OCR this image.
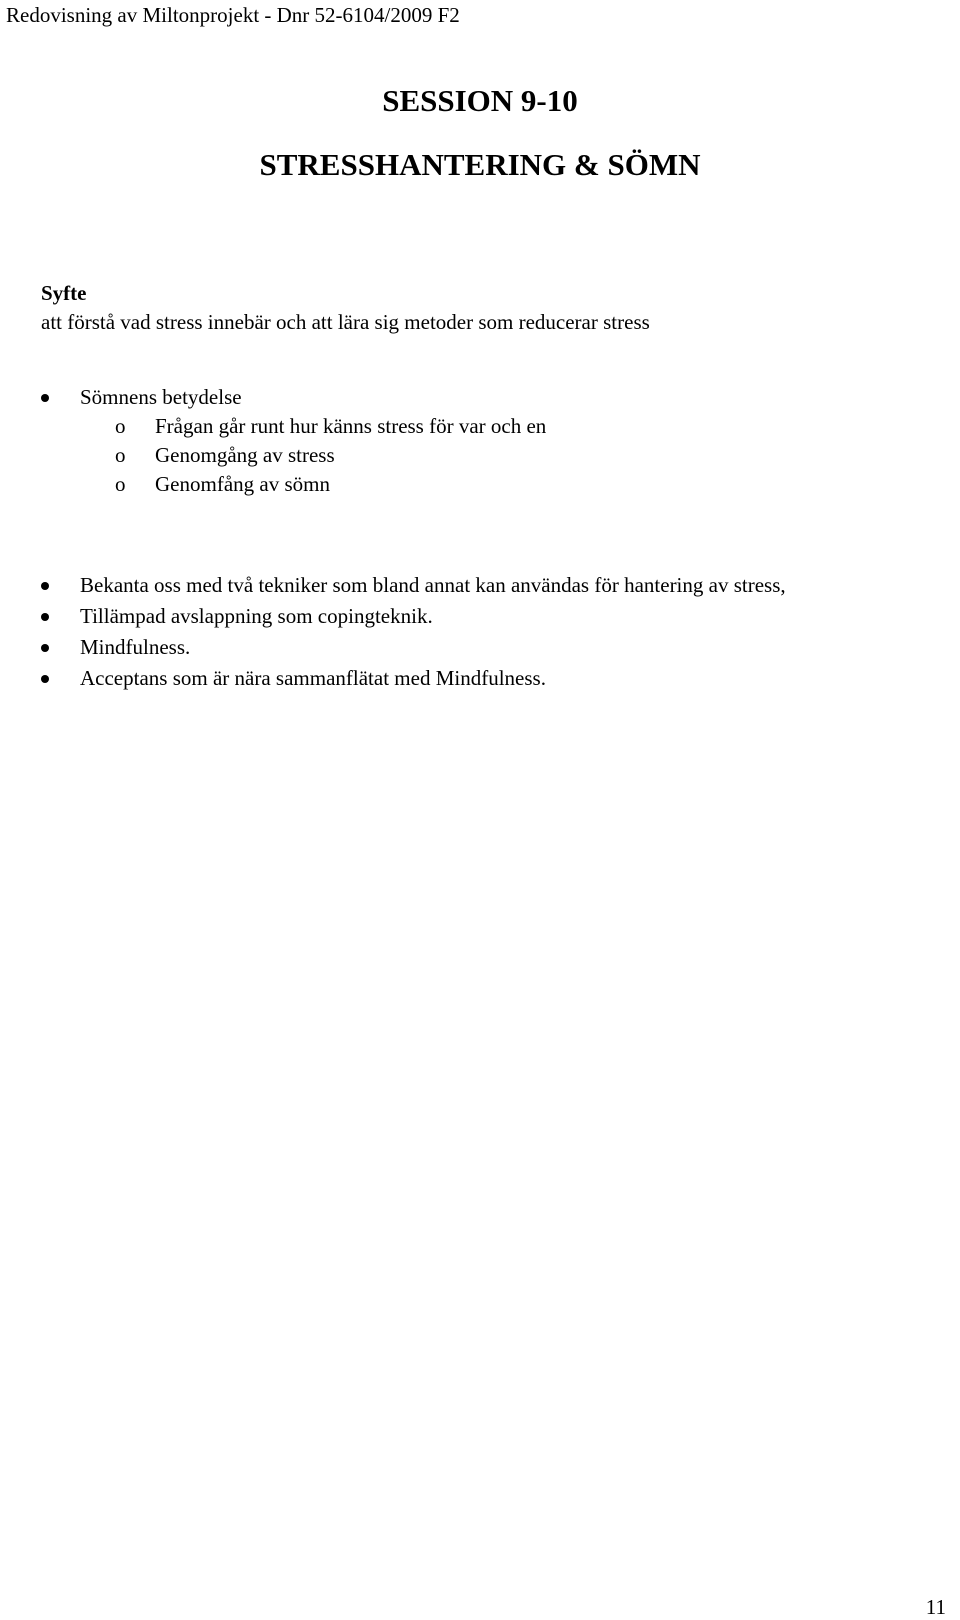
Redovisning av Miltonprojekt - Dnr 52-6104/2009 F2
SESSION 9-10
STRESSHANTERING & SÖMN
Syfte
att förstå vad stress innebär och att lära sig metoder som reducerar stress
Sömnens betydelse
o Frågan går runt hur känns stress för var och en
o Genomgång av stress
o Genomfång av sömn
Bekanta oss med två tekniker som bland annat kan användas för hantering av stress,
Tillämpad avslappning som copingteknik.
Mindfulness.
Acceptans som är nära sammanflätat med Mindfulness.
11
